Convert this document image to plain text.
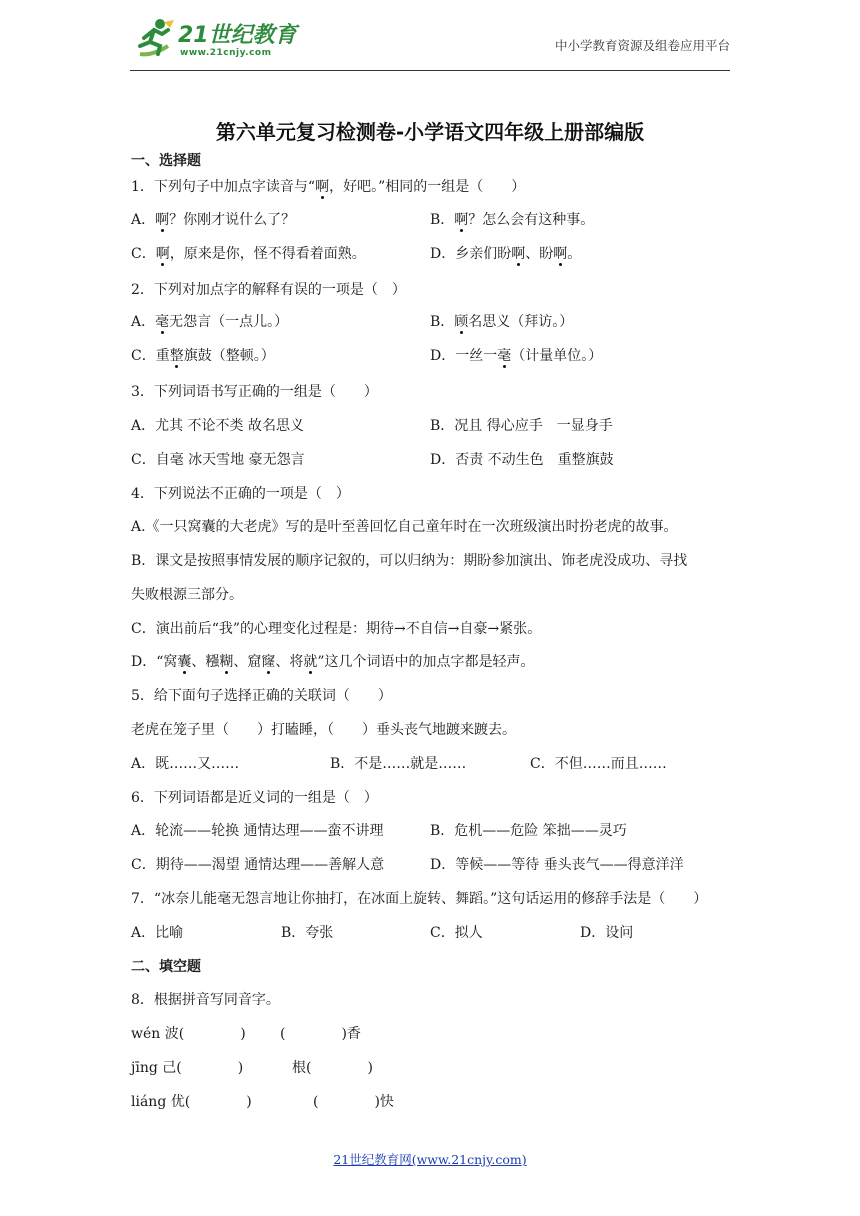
21世纪教育
www.21cnjy.com	中小学教育资源及组卷应用平台
第六单元复习检测卷-小学语文四年级上册部编版
一、选择题
1．下列句子中加点字读音与“啊，好吧。”相同的一组是（　　）
A．啊？你刚才说什么了？	B．啊？怎么会有这种事。
C．啊，原来是你，怪不得看着面熟。	D．乡亲们盼啊、盼啊。
2．下列对加点字的解释有误的一项是（　）
A．毫无怨言（一点儿。）	B．顾名思义（拜访。）
C．重整旗鼓（整顿。）	D．一丝一毫（计量单位。）
3．下列词语书写正确的一组是（　　）
A．尤其 不论不类 故名思义	B．况且 得心应手　一显身手
C．自毫 冰天雪地 豪无怨言	D．否责 不动生色　重整旗鼓
4．下列说法不正确的一项是（　）
A.《一只窝囊的大老虎》写的是叶至善回忆自己童年时在一次班级演出时扮老虎的故事。
B．课文是按照事情发展的顺序记叙的，可以归纳为：期盼参加演出、饰老虎没成功、寻找
失败根源三部分。
C．演出前后“我”的心理变化过程是：期待→不自信→自豪→紧张。
D．“窝囊、糨糊、窟窿、将就”这几个词语中的加点字都是轻声。
5．给下面句子选择正确的关联词（　　）
老虎在笼子里（　　）打瞌睡，（　　）垂头丧气地踱来踱去。
A．既……又……	B．不是……就是……	C．不但……而且……
6．下列词语都是近义词的一组是（　）
A．轮流——轮换 通情达理——蛮不讲理	B．危机——危险 笨拙——灵巧
C．期待——渴望 通情达理——善解人意	D．等候——等待 垂头丧气——得意洋洋
7．“冰奈儿能毫无怨言地让你抽打，在冰面上旋转、舞蹈。”这句话运用的修辞手法是（　　）
A．比喻	B．夸张	C．拟人	D．设问
二、填空题
8．根据拼音写同音字。
wén 波(　　　　) (　　　　)香
jīng 己(　　　　)	根(　　　　)
liáng 优(　　　　)	(　　　　)快
21世纪教育网(www.21cnjy.com)
